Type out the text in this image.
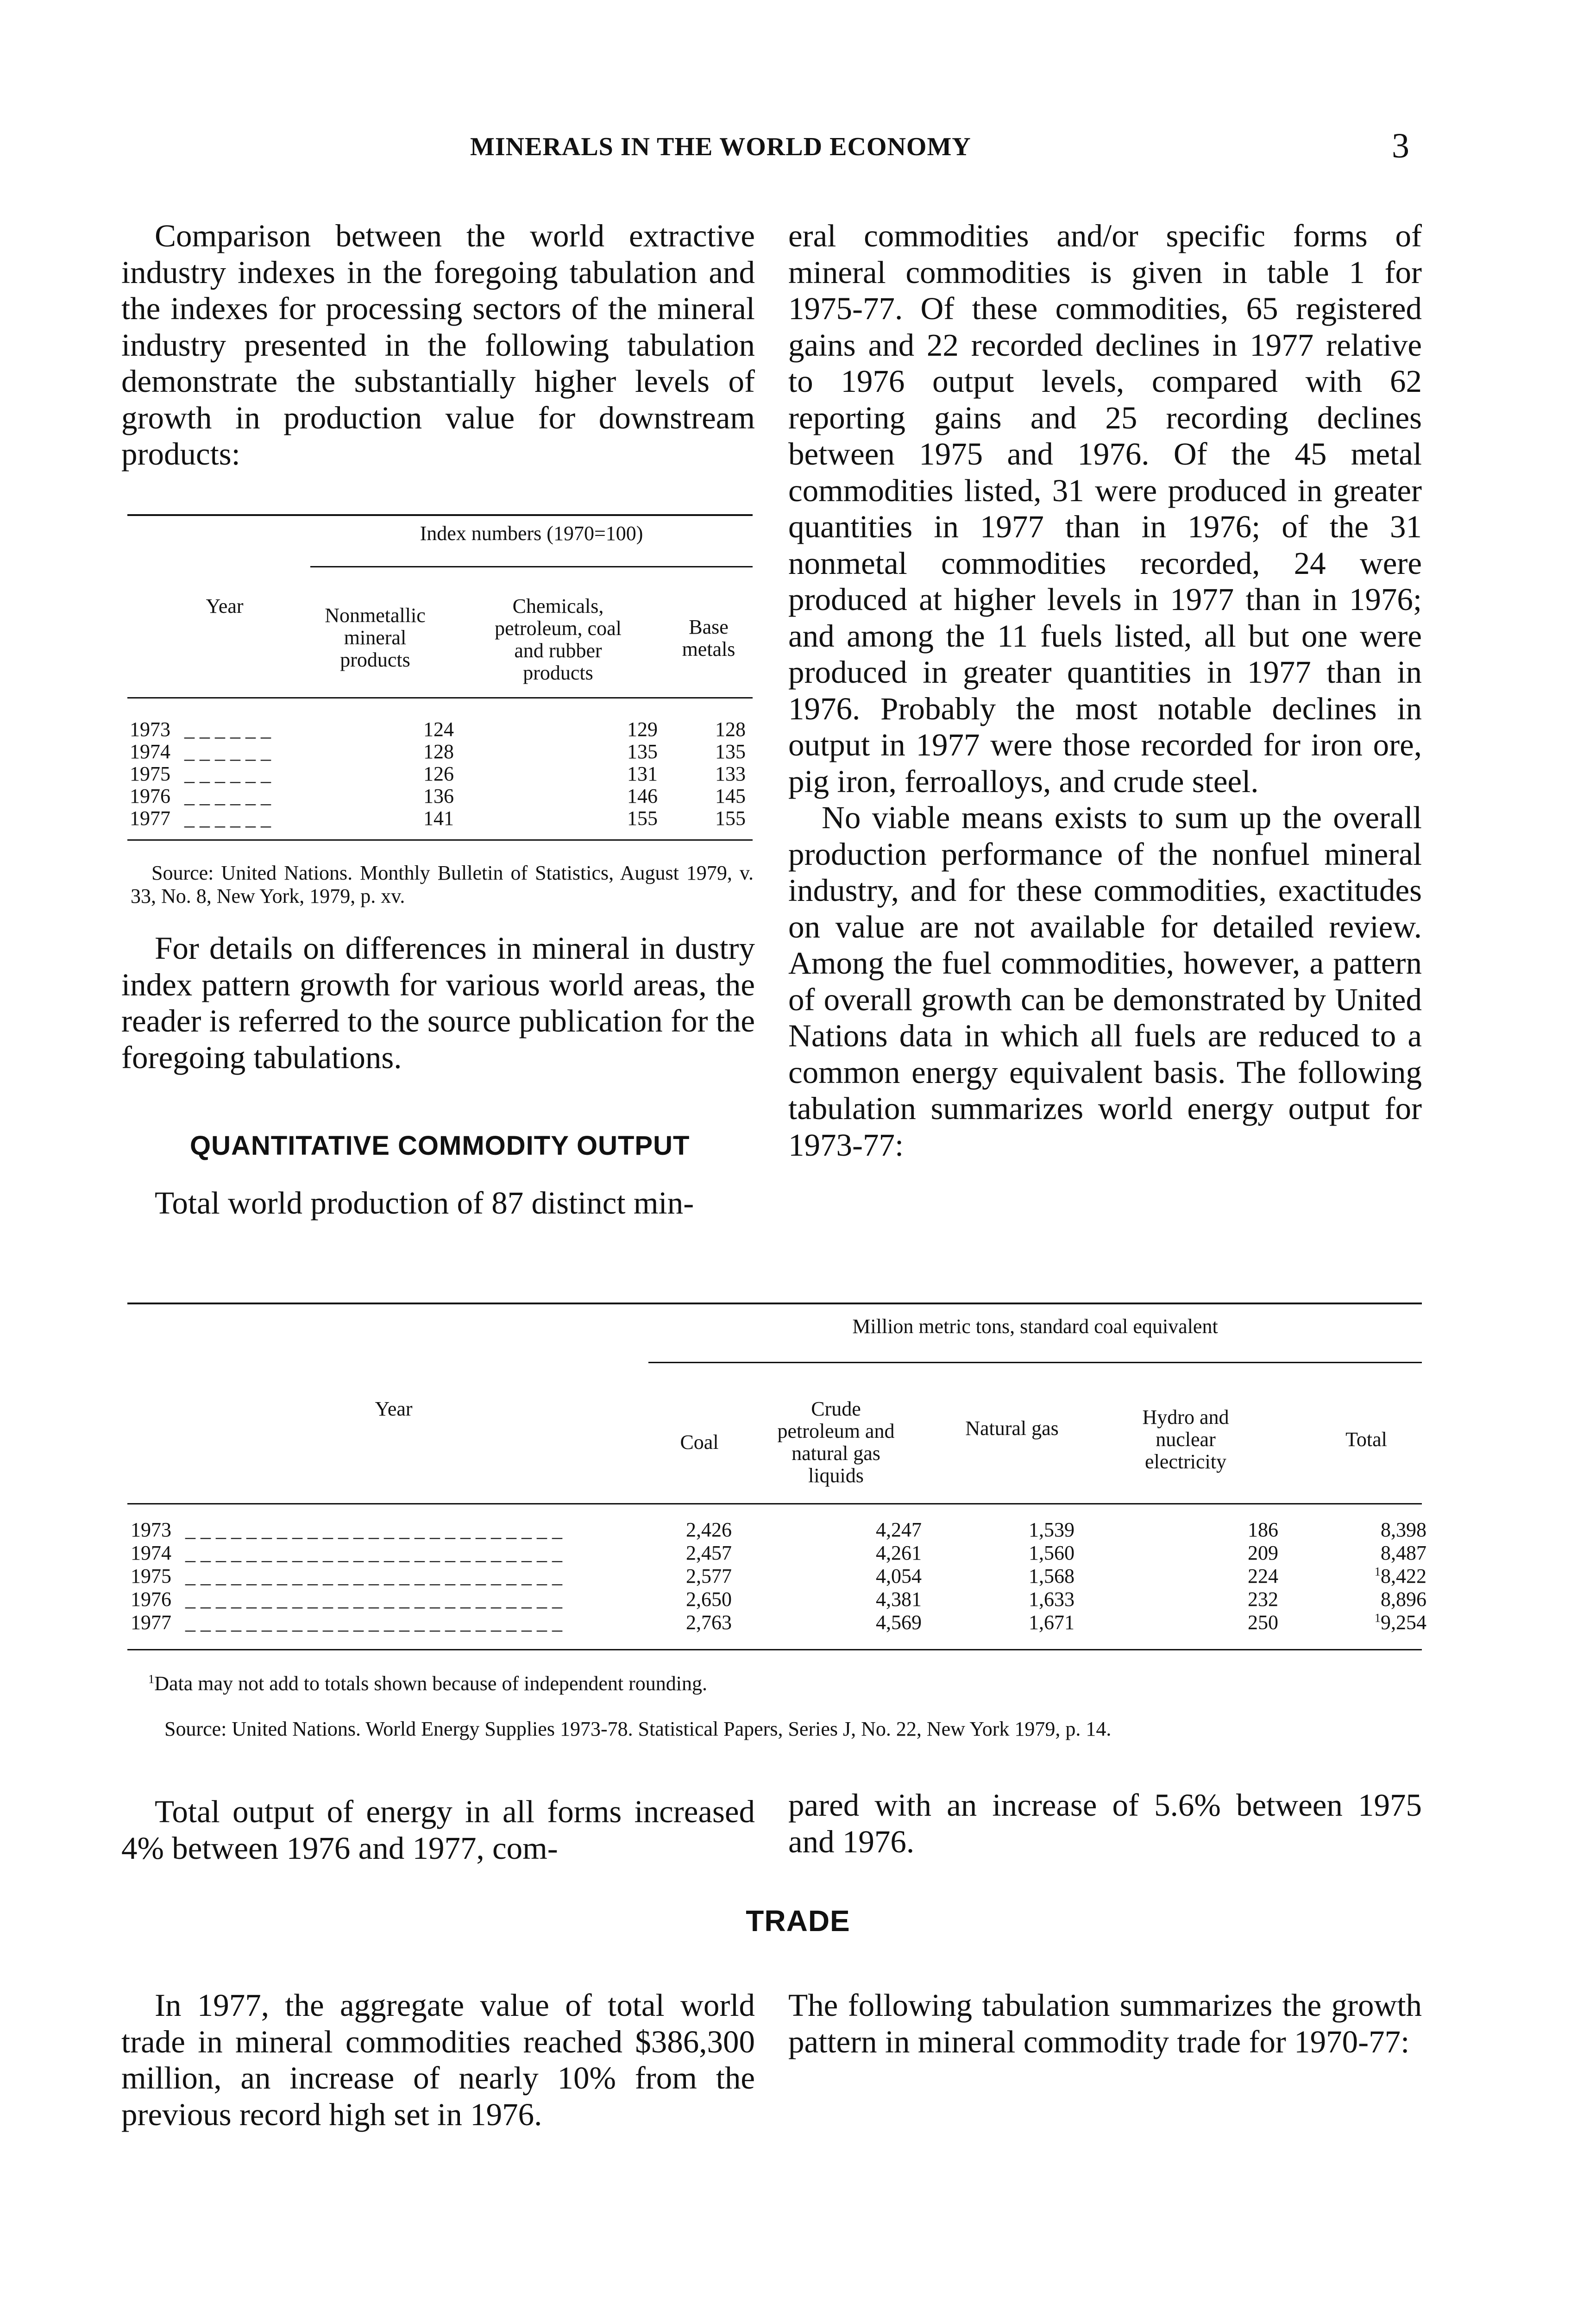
MINERALS IN THE WORLD ECONOMY	3

Comparison between the world extractive industry indexes in the foregoing tabulation and the indexes for processing sectors of the mineral industry presented in the following tabulation demonstrate the substantially higher levels of growth in production value for downstream products:

Index numbers (1970=100)
Year	Nonmetallic mineral products
Chemicals, petroleum, coal and rubber products
Base metals
1973 _ _ _ _ _ _	124	129	128
1974 _ _ _ _ _ _	128	135	135
1975 _ _ _ _ _ _	126	131	133
1976 _ _ _ _ _ _	136	146	145
1977 _ _ _ _ _ _	141	155	155
Source: United Nations. Monthly Bulletin of Statistics, August 1979, v. 33, No. 8, New York, 1979, p. xv.

For details on differences in mineral in dustry index pattern growth for various world areas, the reader is referred to the source publication for the foregoing tabulations.

QUANTITATIVE COMMODITY OUTPUT

Total world production of 87 distinct min-

eral commodities and/or specific forms of mineral commodities is given in table 1 for 1975-77. Of these commodities, 65 registered gains and 22 recorded declines in 1977 relative to 1976 output levels, compared with 62 reporting gains and 25 recording declines between 1975 and 1976. Of the 45 metal commodities listed, 31 were produced in greater quantities in 1977 than in 1976; of the 31 nonmetal commodities recorded, 24 were produced at higher levels in 1977 than in 1976; and among the 11 fuels listed, all but one were produced in greater quantities in 1977 than in 1976. Probably the most notable declines in output in 1977 were those recorded for iron ore, pig iron, ferroalloys, and crude steel.

No viable means exists to sum up the overall production performance of the nonfuel mineral industry, and for these commodities, exactitudes on value are not available for detailed review. Among the fuel commodities, however, a pattern of overall growth can be demonstrated by United Nations data in which all fuels are reduced to a common energy equivalent basis. The following tabulation summarizes world energy output for 1973-77:

Million metric tons, standard coal equivalent
Year
Coal
Crude petroleum and natural gas liquids
Natural gas	Hydro and nuclear electricity
Total
1973 _ _ _ _ _ _ _ _ _ _ _ _ _ _ _ _ _ _ _ _ _ _ _ _ _	2,426	4,247	1,539	186	8,398
1974 _ _ _ _ _ _ _ _ _ _ _ _ _ _ _ _ _ _ _ _ _ _ _ _ _	2,457	4,261	1,560	209	8,487
1975 _ _ _ _ _ _ _ _ _ _ _ _ _ _ _ _ _ _ _ _ _ _ _ _ _	2,577	4,054	1,568	224	$^1$8,422
1976 _ _ _ _ _ _ _ _ _ _ _ _ _ _ _ _ _ _ _ _ _ _ _ _ _	2,650	4,381	1,633	232	8,896
1977 _ _ _ _ _ _ _ _ _ _ _ _ _ _ _ _ _ _ _ _ _ _ _ _ _	2,763	4,569	1,671	250	$^1$9,254
$^1$Data may not add to totals shown because of independent rounding.
Source: United Nations. World Energy Supplies 1973-78. Statistical Papers, Series J, No. 22, New York 1979, p. 14.

Total output of energy in all forms increased 4% between 1976 and 1977, com-

pared with an increase of 5.6% between 1975 and 1976.

TRADE

In 1977, the aggregate value of total world trade in mineral commodities reached $386,300 million, an increase of nearly 10% from the previous record high set in 1976.

The following tabulation summarizes the growth pattern in mineral commodity trade for 1970-77:
